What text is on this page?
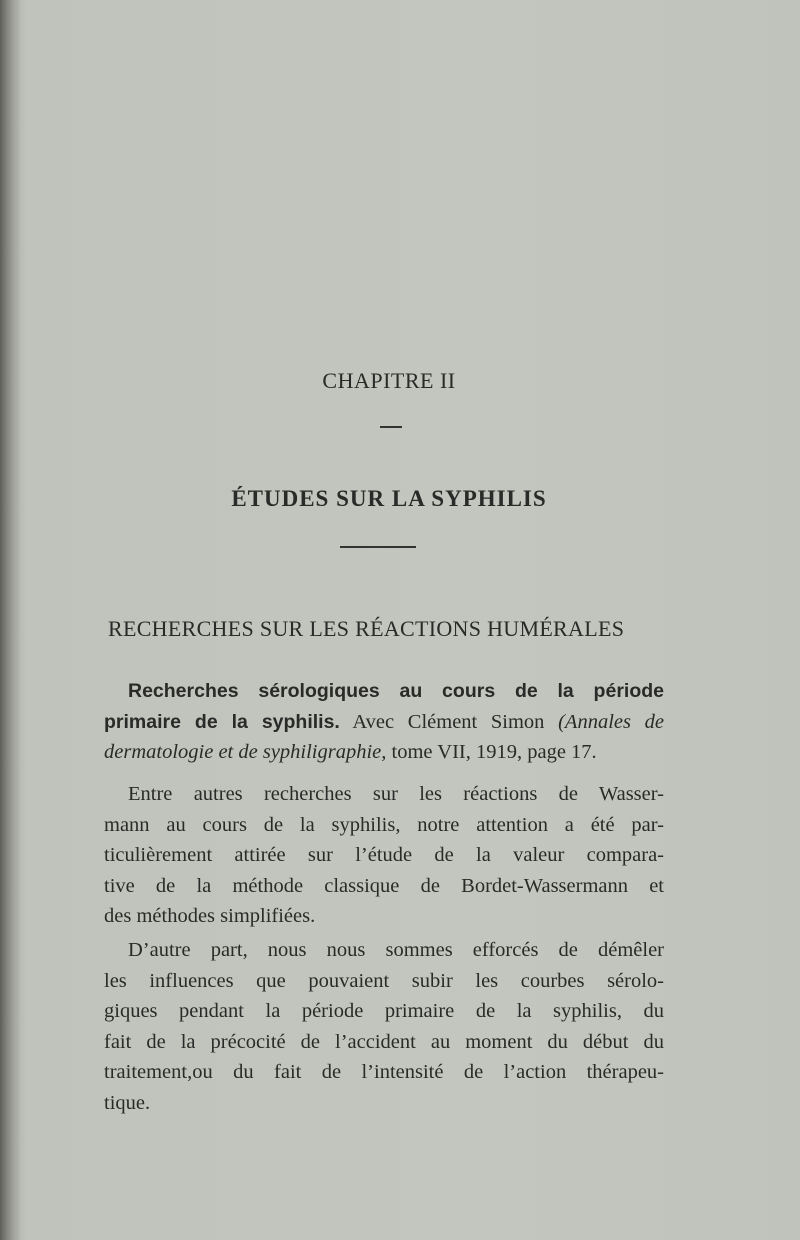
CHAPITRE II
ÉTUDES SUR LA SYPHILIS
RECHERCHES SUR LES RÉACTIONS HUMÉRALES
Recherches sérologiques au cours de la période
primaire de la syphilis. Avec Clément Simon (Annales de
dermatologie et de syphiligraphie, tome VII, 1919, page 17.
Entre autres recherches sur les réactions de Wasser-
mann au cours de la syphilis, notre attention a été par-
ticulièrement attirée sur l’étude de la valeur compara-
tive de la méthode classique de Bordet-Wassermann et
des méthodes simplifiées.
D’autre part, nous nous sommes efforcés de démêler
les influences que pouvaient subir les courbes sérolo-
giques pendant la période primaire de la syphilis, du
fait de la précocité de l’accident au moment du début du
traitement,ou du fait de l’intensité de l’action thérapeu-
tique.
